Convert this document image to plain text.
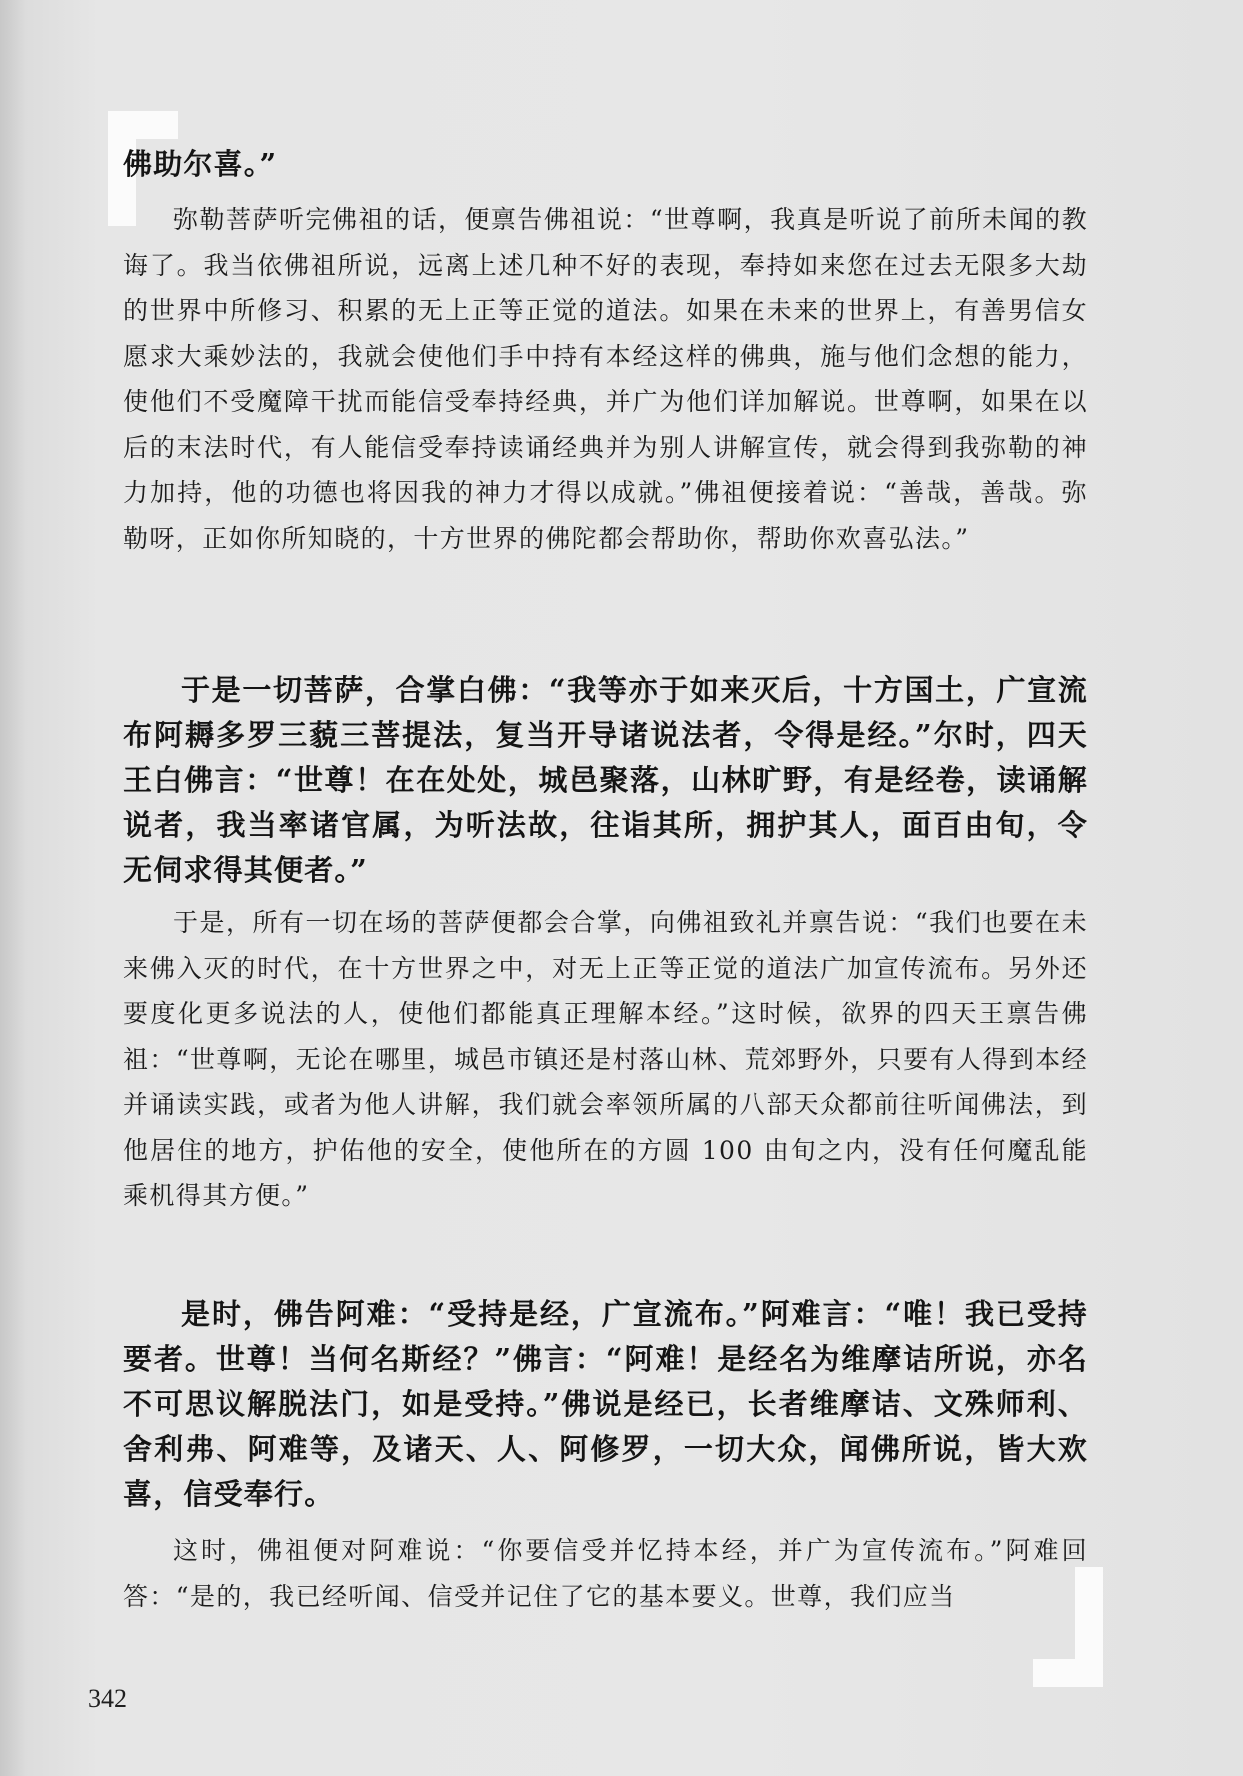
佛助尔喜。”

弥勒菩萨听完佛祖的话，便禀告佛祖说：“世尊啊，我真是听说了前所未闻的教诲了。我当依佛祖所说，远离上述几种不好的表现，奉持如来您在过去无限多大劫的世界中所修习、积累的无上正等正觉的道法。如果在未来的世界上，有善男信女愿求大乘妙法的，我就会使他们手中持有本经这样的佛典，施与他们念想的能力，使他们不受魔障干扰而能信受奉持经典，并广为他们详加解说。世尊啊，如果在以后的末法时代，有人能信受奉持读诵经典并为别人讲解宣传，就会得到我弥勒的神力加持，他的功德也将因我的神力才得以成就。”佛祖便接着说：“善哉，善哉。弥勒呀，正如你所知晓的，十方世界的佛陀都会帮助你，帮助你欢喜弘法。”

于是一切菩萨，合掌白佛：“我等亦于如来灭后，十方国土，广宣流布阿耨多罗三藐三菩提法，复当开导诸说法者，令得是经。”尔时，四天王白佛言：“世尊！在在处处，城邑聚落，山林旷野，有是经卷，读诵解说者，我当率诸官属，为听法故，往诣其所，拥护其人，面百由旬，令无伺求得其便者。”

于是，所有一切在场的菩萨便都会合掌，向佛祖致礼并禀告说：“我们也要在未来佛入灭的时代，在十方世界之中，对无上正等正觉的道法广加宣传流布。另外还要度化更多说法的人，使他们都能真正理解本经。”这时候，欲界的四天王禀告佛祖：“世尊啊，无论在哪里，城邑市镇还是村落山林、荒郊野外，只要有人得到本经并诵读实践，或者为他人讲解，我们就会率领所属的八部天众都前往听闻佛法，到他居住的地方，护佑他的安全，使他所在的方圆 100 由旬之内，没有任何魔乱能乘机得其方便。”

是时，佛告阿难：“受持是经，广宣流布。”阿难言：“唯！我已受持要者。世尊！当何名斯经？”佛言：“阿难！是经名为维摩诘所说，亦名不可思议解脱法门，如是受持。”佛说是经已，长者维摩诘、文殊师利、舍利弗、阿难等，及诸天、人、阿修罗，一切大众，闻佛所说，皆大欢喜，信受奉行。

这时，佛祖便对阿难说：“你要信受并忆持本经，并广为宣传流布。”阿难回答：“是的，我已经听闻、信受并记住了它的基本要义。世尊，我们应当

342
